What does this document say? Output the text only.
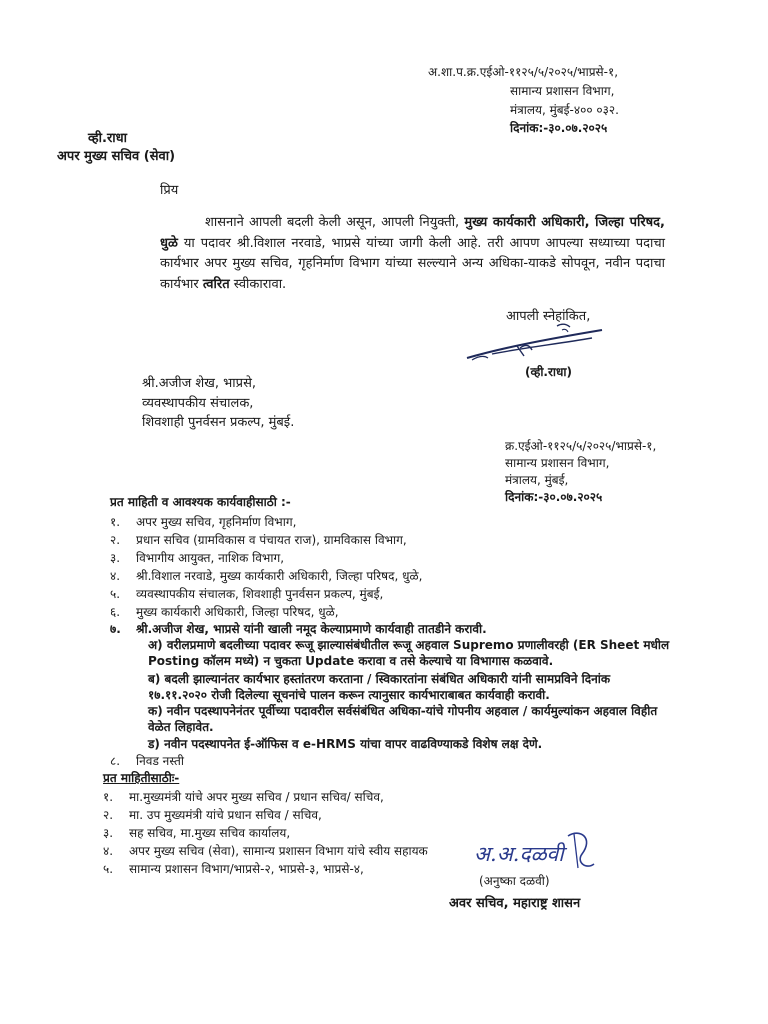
अ.शा.प.क्र.एईओ-११२५/५/२०२५/भाप्रसे-१,
सामान्य प्रशासन विभाग,
मंत्रालय, मुंबई-४०० ०३२.
दिनांक:-३०.०७.२०२५
व्ही.राधा
अपर मुख्य सचिव (सेवा)
प्रिय
शासनाने आपली बदली केली असून, आपली नियुक्ती, मुख्य कार्यकारी अधिकारी, जिल्हा परिषद, धुळे या पदावर श्री.विशाल नरवाडे, भाप्रसे यांच्या जागी केली आहे. तरी आपण आपल्या सध्याच्या पदाचा कार्यभार अपर मुख्य सचिव, गृहनिर्माण विभाग यांच्या सल्ल्याने अन्य अधिका-याकडे सोपवून, नवीन पदाचा कार्यभार त्वरित स्वीकारावा.
आपली स्नेहांकित,
(व्ही.राधा)
श्री.अजीज शेख, भाप्रसे,
व्यवस्थापकीय संचालक,
शिवशाही पुनर्वसन प्रकल्प, मुंबई.
क्र.एईओ-११२५/५/२०२५/भाप्रसे-१,
सामान्य प्रशासन विभाग,
मंत्रालय, मुंबई,
दिनांक:-३०.०७.२०२५
प्रत माहिती व आवश्यक कार्यवाहीसाठी :-
१. अपर मुख्य सचिव, गृहनिर्माण विभाग,
२. प्रधान सचिव (ग्रामविकास व पंचायत राज), ग्रामविकास विभाग,
३. विभागीय आयुक्त, नाशिक विभाग,
४. श्री.विशाल नरवाडे, मुख्य कार्यकारी अधिकारी, जिल्हा परिषद, धुळे,
५. व्यवस्थापकीय संचालक, शिवशाही पुनर्वसन प्रकल्प, मुंबई,
६. मुख्य कार्यकारी अधिकारी, जिल्हा परिषद, धुळे,
७. श्री.अजीज शेख, भाप्रसे यांनी खाली नमूद केल्याप्रमाणे कार्यवाही तातडीने करावी.
अ) वरीलप्रमाणे बदलीच्या पदावर रूजू झाल्यासंबंधीतील रूजू अहवाल Supremo प्रणालीवरही (ER Sheet मधील
Posting कॉलम मध्ये) न चुकता Update करावा व तसे केल्याचे या विभागास कळवावे.
ब) बदली झाल्यानंतर कार्यभार हस्तांतरण करताना / स्विकारतांना संबंधित अधिकारी यांनी सामप्रविने दिनांक
१७.११.२०२० रोजी दिलेल्या सूचनांचे पालन करून त्यानुसार कार्यभाराबाबत कार्यवाही करावी.
क) नवीन पदस्थापनेनंतर पूर्वीच्या पदावरील सर्वसंबंधित अधिका-यांचे गोपनीय अहवाल / कार्यमुल्यांकन अहवाल विहीत
वेळेत लिहावेत.
ड) नवीन पदस्थापनेत ई-ऑफिस व e-HRMS यांचा वापर वाढविण्याकडे विशेष लक्ष देणे.
८. निवड नस्ती
प्रत माहितीसाठीः-
१. मा.मुख्यमंत्री यांचे अपर मुख्य सचिव / प्रधान सचिव/ सचिव,
२. मा. उप मुख्यमंत्री यांचे प्रधान सचिव / सचिव,
३. सह सचिव, मा.मुख्य सचिव कार्यालय,
४. अपर मुख्य सचिव (सेवा), सामान्य प्रशासन विभाग यांचे स्वीय सहायक
५. सामान्य प्रशासन विभाग/भाप्रसे-२, भाप्रसे-३, भाप्रसे-४,
अ.अ.दळवी
(अनुष्का दळवी)
अवर सचिव, महाराष्ट्र शासन
